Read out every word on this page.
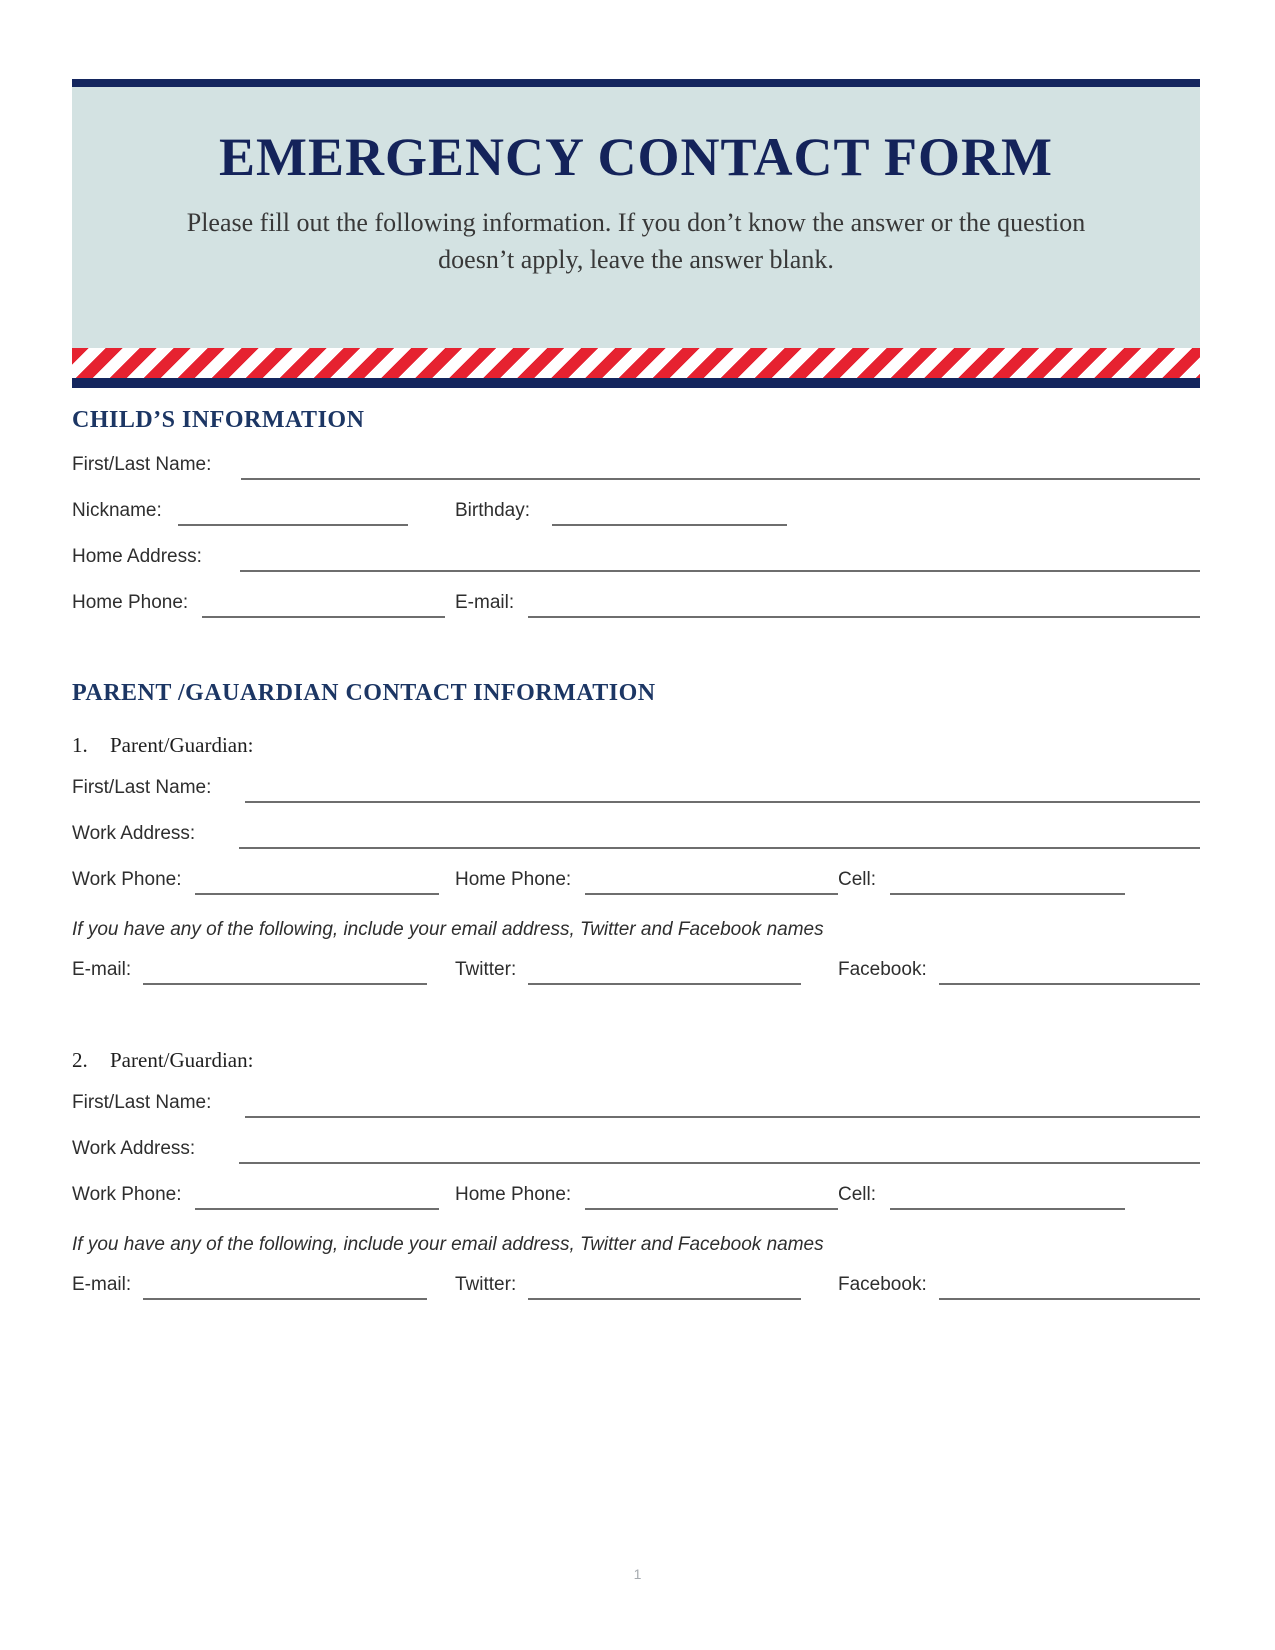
EMERGENCY CONTACT FORM

Please fill out the following information. If you don’t know the answer or the question doesn’t apply, leave the answer blank.

CHILD’S INFORMATION
First/Last Name:
Nickname:	Birthday:
Home Address:
Home Phone:	E-mail:
PARENT /GAUARDIAN CONTACT INFORMATION
1.	Parent/Guardian:
First/Last Name:
Work Address:
Work Phone:	Home Phone:	Cell:
If you have any of the following, include your email address, Twitter and Facebook names
E-mail:	Twitter:	Facebook:
2.	Parent/Guardian:
First/Last Name:
Work Address:
Work Phone:	Home Phone:	Cell:
If you have any of the following, include your email address, Twitter and Facebook names
E-mail:	Twitter:	Facebook:
1
